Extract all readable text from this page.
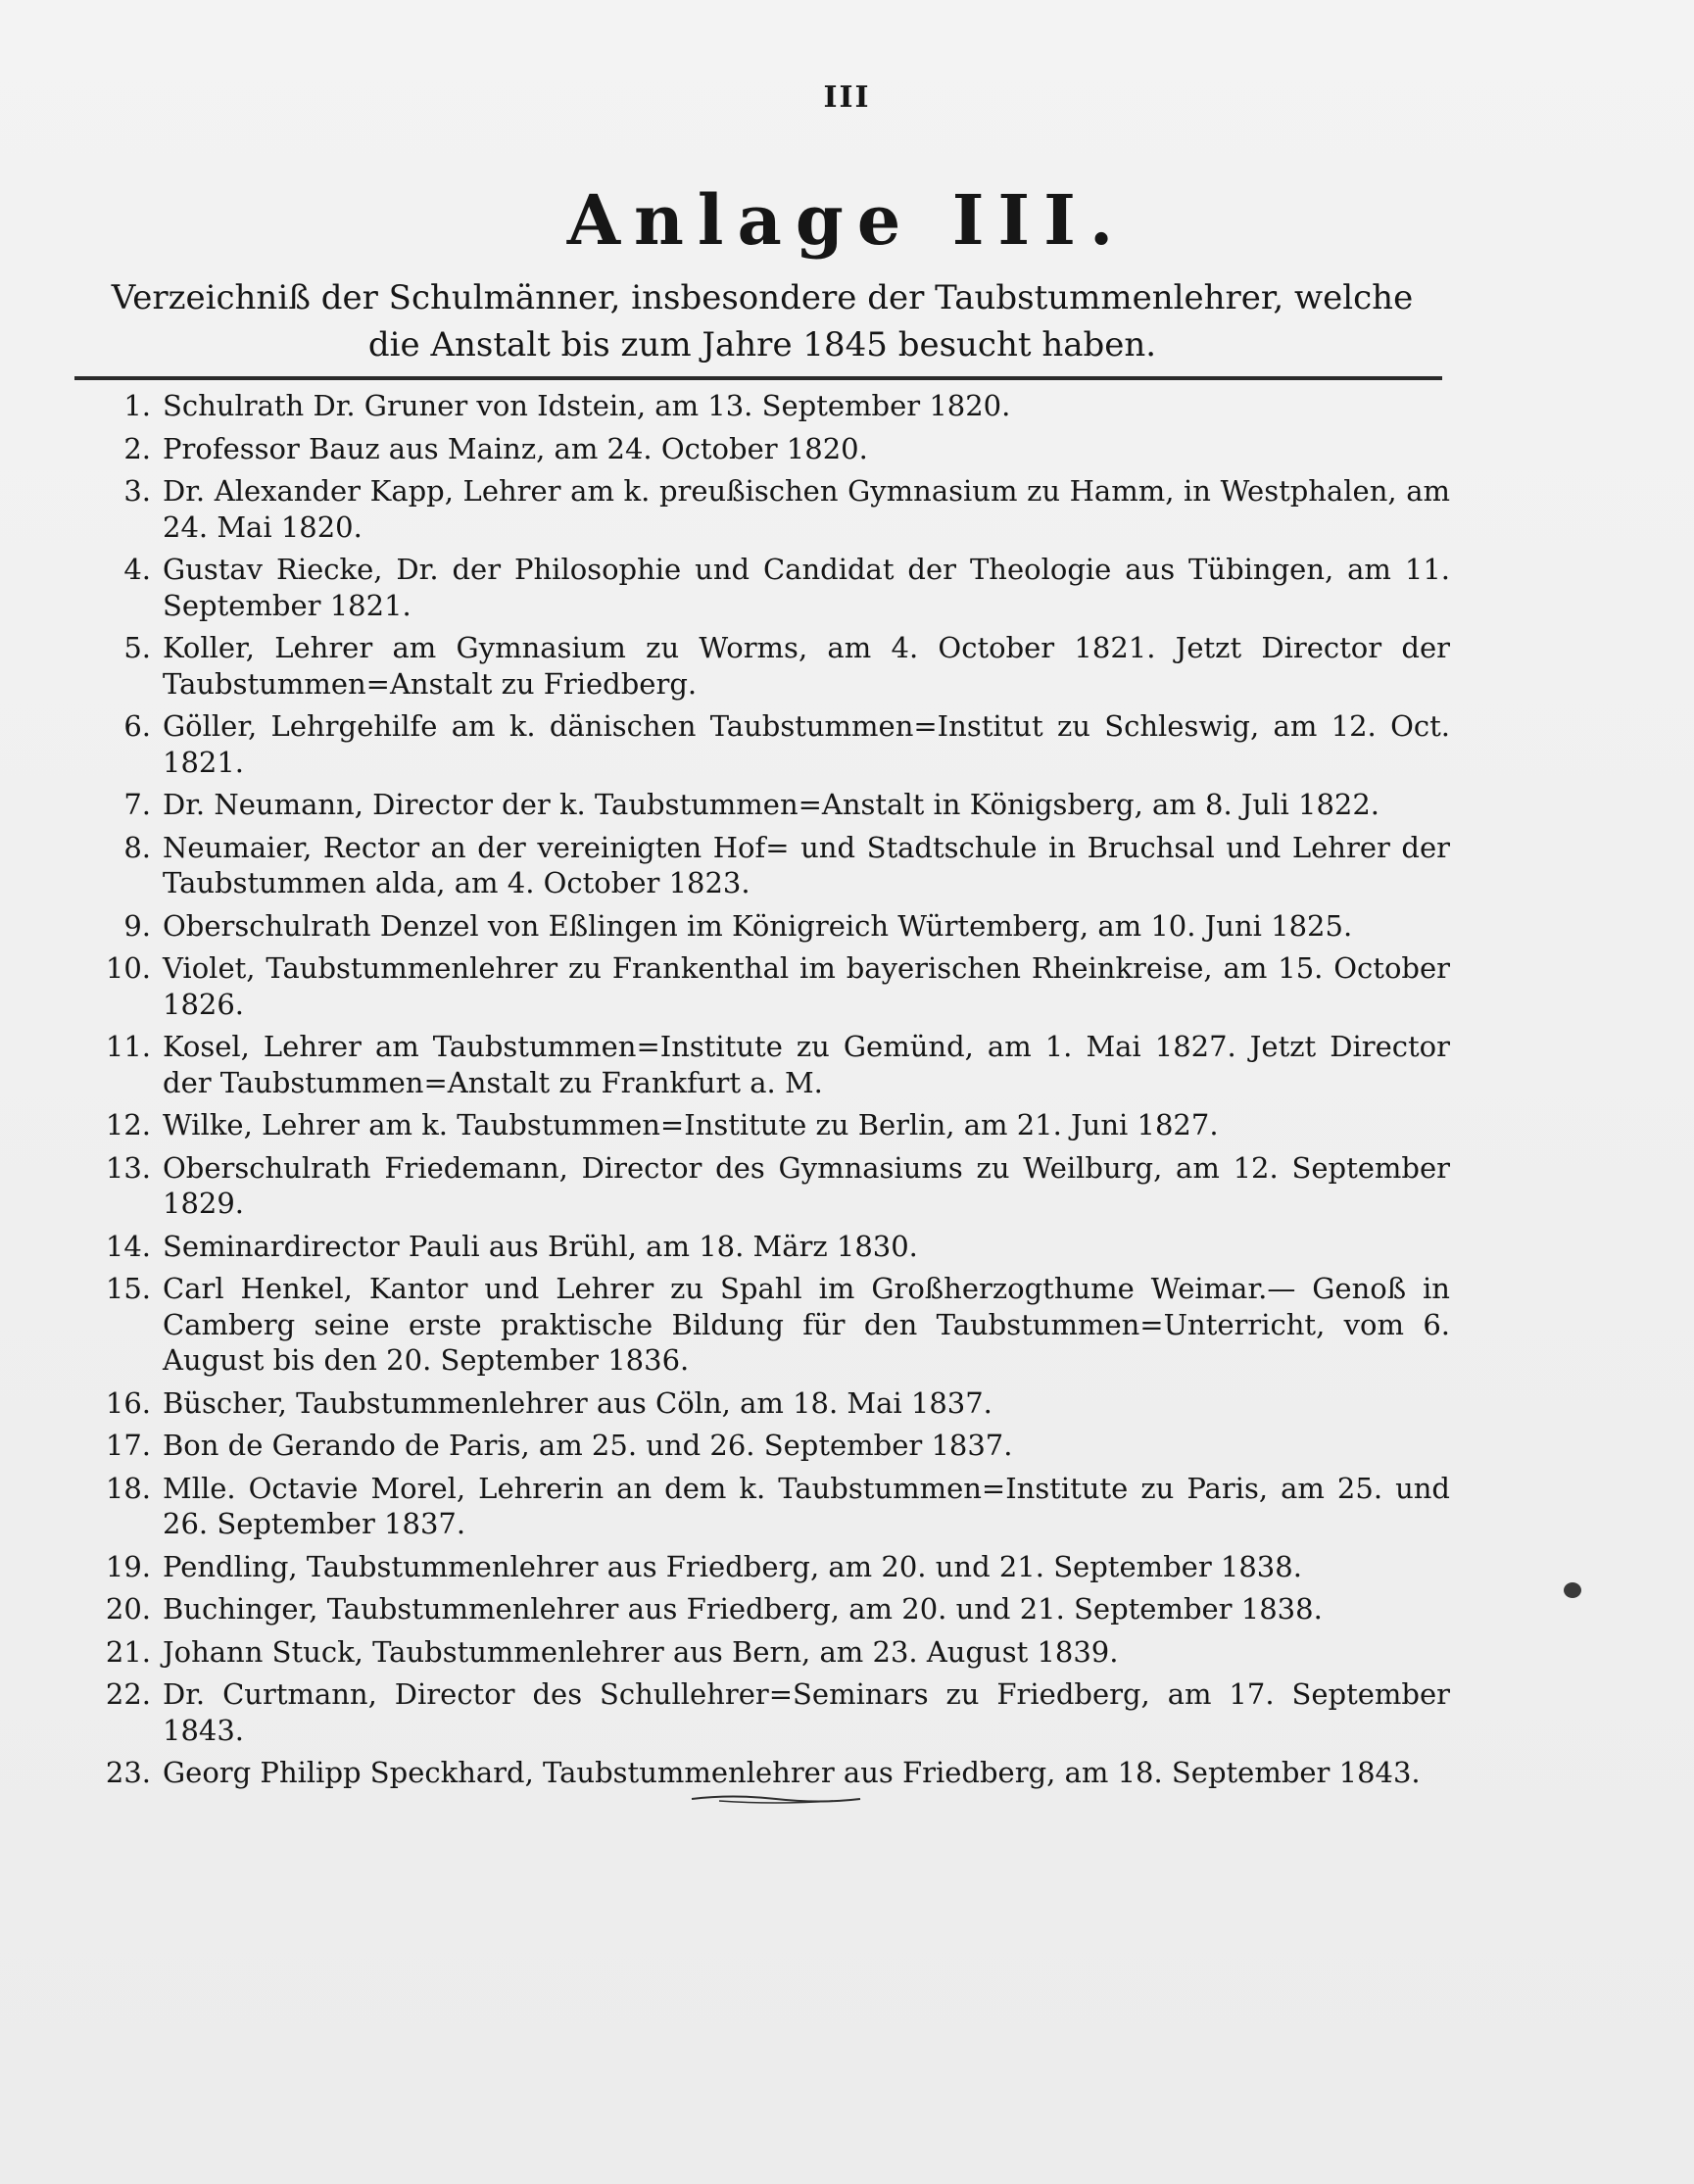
III
Anlage III.
Verzeichniß der Schulmänner, insbesondere der Taubstummenlehrer, welche die Anstalt bis zum Jahre 1845 besucht haben.
1. Schulrath Dr. Gruner von Idstein, am 13. September 1820.
2. Professor Bauz aus Mainz, am 24. October 1820.
3. Dr. Alexander Kapp, Lehrer am k. preußischen Gymnasium zu Hamm, in Westphalen, am 24. Mai 1820.
4. Gustav Riecke, Dr. der Philosophie und Candidat der Theologie aus Tübingen, am 11. September 1821.
5. Koller, Lehrer am Gymnasium zu Worms, am 4. October 1821. Jetzt Director der Taubstummen=Anstalt zu Friedberg.
6. Göller, Lehrgehilfe am k. dänischen Taubstummen=Institut zu Schleswig, am 12. Oct. 1821.
7. Dr. Neumann, Director der k. Taubstummen=Anstalt in Königsberg, am 8. Juli 1822.
8. Neumaier, Rector an der vereinigten Hof= und Stadtschule in Bruchsal und Lehrer der Taubstummen alda, am 4. October 1823.
9. Oberschulrath Denzel von Eßlingen im Königreich Würtemberg, am 10. Juni 1825.
10. Violet, Taubstummenlehrer zu Frankenthal im bayerischen Rheinkreise, am 15. October 1826.
11. Kosel, Lehrer am Taubstummen=Institute zu Gemünd, am 1. Mai 1827. Jetzt Director der Taubstummen=Anstalt zu Frankfurt a. M.
12. Wilke, Lehrer am k. Taubstummen=Institute zu Berlin, am 21. Juni 1827.
13. Oberschulrath Friedemann, Director des Gymnasiums zu Weilburg, am 12. September 1829.
14. Seminardirector Pauli aus Brühl, am 18. März 1830.
15. Carl Henkel, Kantor und Lehrer zu Spahl im Großherzogthume Weimar.— Genoß in Camberg seine erste praktische Bildung für den Taubstummen=Unterricht, vom 6. August bis den 20. September 1836.
16. Büscher, Taubstummenlehrer aus Cöln, am 18. Mai 1837.
17. Bon de Gerando de Paris, am 25. und 26. September 1837.
18. Mlle. Octavie Morel, Lehrerin an dem k. Taubstummen=Institute zu Paris, am 25. und 26. September 1837.
19. Pendling, Taubstummenlehrer aus Friedberg, am 20. und 21. September 1838.
20. Buchinger, Taubstummenlehrer aus Friedberg, am 20. und 21. September 1838.
21. Johann Stuck, Taubstummenlehrer aus Bern, am 23. August 1839.
22. Dr. Curtmann, Director des Schullehrer=Seminars zu Friedberg, am 17. September 1843.
23. Georg Philipp Speckhard, Taubstummenlehrer aus Friedberg, am 18. September 1843.
